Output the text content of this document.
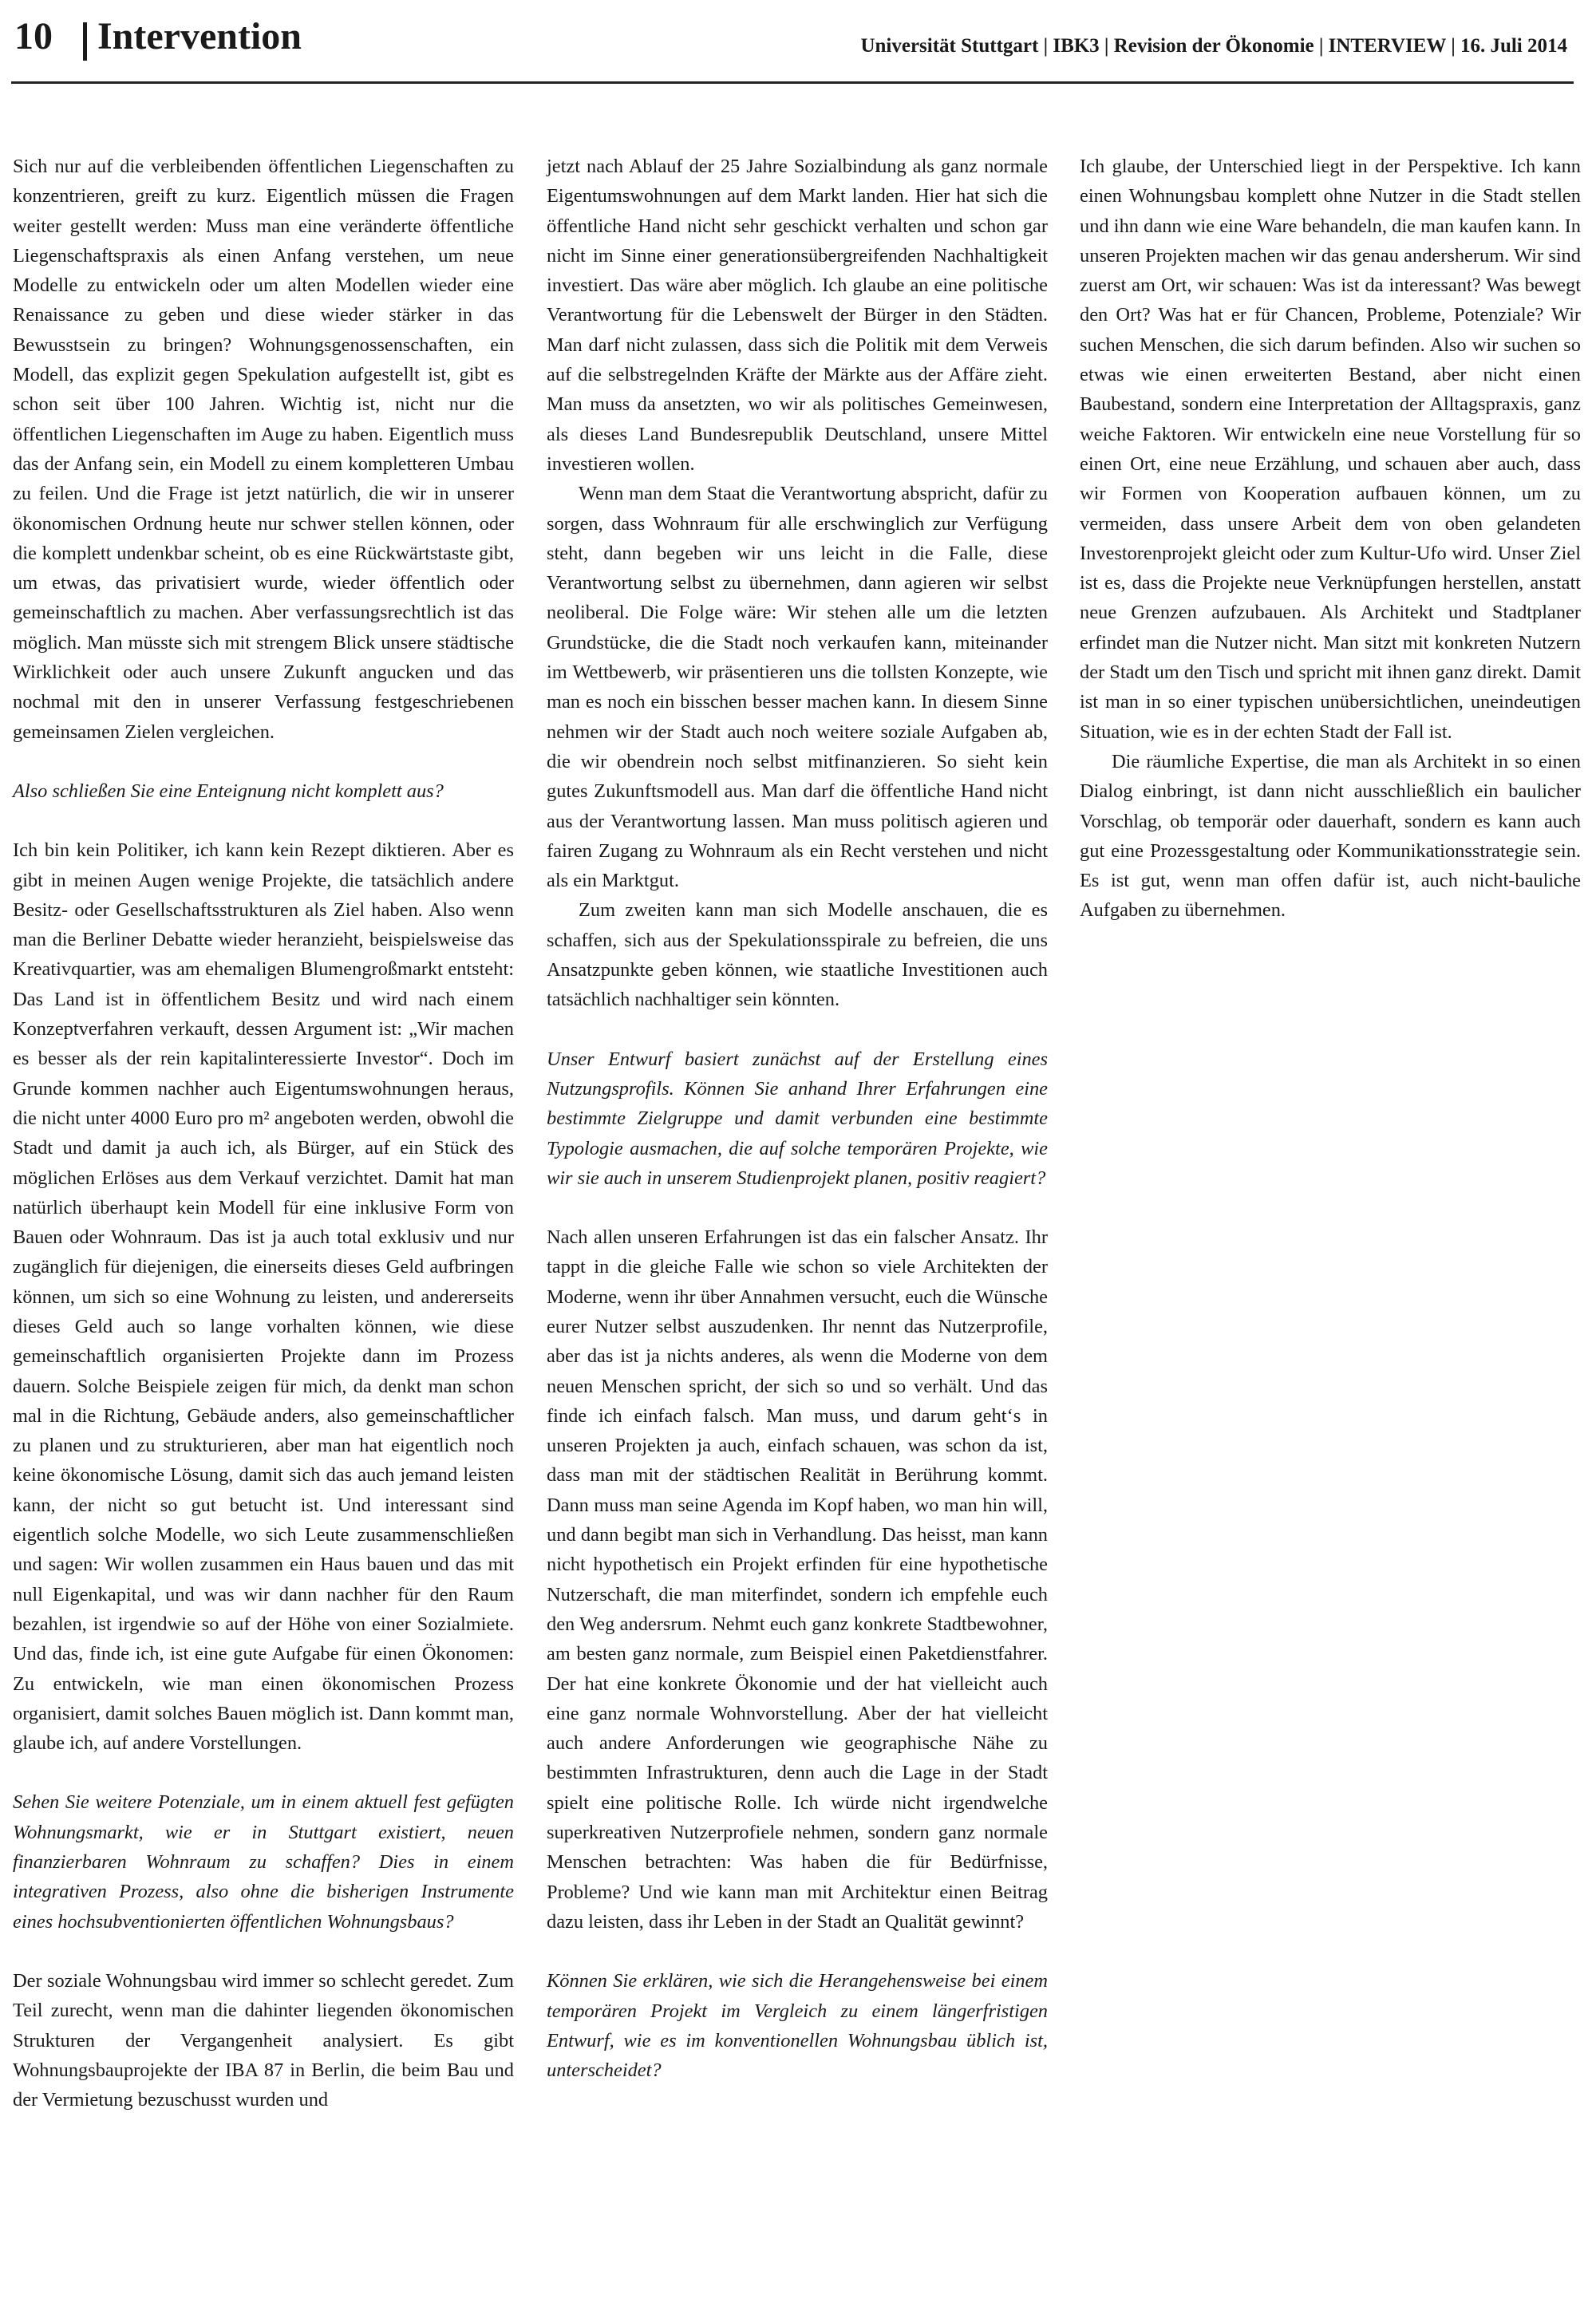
10 Intervention	Universität Stuttgart | IBK3 | Revision der Ökonomie | INTERVIEW | 16. Juli 2014

Sich nur auf die verbleibenden öffentlichen Liegenschaften zu konzentrieren, greift zu kurz. Eigentlich müssen die Fragen weiter gestellt werden: Muss man eine veränderte öffentliche Liegenschaftspraxis als einen Anfang verstehen, um neue Modelle zu entwickeln oder um alten Modellen wieder eine Renaissance zu geben und diese wieder stärker in das Bewusstsein zu bringen? Wohnungsgenossenschaften, ein Modell, das explizit gegen Spekulation aufgestellt ist, gibt es schon seit über 100 Jahren. Wichtig ist, nicht nur die öffentlichen Liegenschaften im Auge zu haben. Eigentlich muss das der Anfang sein, ein Modell zu einem kompletteren Umbau zu feilen. Und die Frage ist jetzt natürlich, die wir in unserer ökonomischen Ordnung heute nur schwer stellen können, oder die komplett undenkbar scheint, ob es eine Rückwärtstaste gibt, um etwas, das privatisiert wurde, wieder öffentlich oder gemeinschaftlich zu machen. Aber verfassungsrechtlich ist das möglich. Man müsste sich mit strengem Blick unsere städtische Wirklichkeit oder auch unsere Zukunft angucken und das nochmal mit den in unserer Verfassung festgeschriebenen gemeinsamen Zielen vergleichen.

Also schließen Sie eine Enteignung nicht komplett aus?

Ich bin kein Politiker, ich kann kein Rezept diktieren. Aber es gibt in meinen Augen wenige Projekte, die tatsächlich andere Besitz- oder Gesellschaftsstrukturen als Ziel haben. Also wenn man die Berliner Debatte wieder heranzieht, beispielsweise das Kreativquartier, was am ehemaligen Blumengroßmarkt entsteht: Das Land ist in öffentlichem Besitz und wird nach einem Konzeptverfahren verkauft, dessen Argument ist: „Wir machen es besser als der rein kapitalinteressierte Investor“. Doch im Grunde kommen nachher auch Eigentumswohnungen heraus, die nicht unter 4000 Euro pro m² angeboten werden, obwohl die Stadt und damit ja auch ich, als Bürger, auf ein Stück des möglichen Erlöses aus dem Verkauf verzichtet. Damit hat man natürlich überhaupt kein Modell für eine inklusive Form von Bauen oder Wohnraum. Das ist ja auch total exklusiv und nur zugänglich für diejenigen, die einerseits dieses Geld aufbringen können, um sich so eine Wohnung zu leisten, und andererseits dieses Geld auch so lange vorhalten können, wie diese gemeinschaftlich organisierten Projekte dann im Prozess dauern. Solche Beispiele zeigen für mich, da denkt man schon mal in die Richtung, Gebäude anders, also gemeinschaftlicher zu planen und zu strukturieren, aber man hat eigentlich noch keine ökonomische Lösung, damit sich das auch jemand leisten kann, der nicht so gut betucht ist. Und interessant sind eigentlich solche Modelle, wo sich Leute zusammenschließen und sagen: Wir wollen zusammen ein Haus bauen und das mit null Eigenkapital, und was wir dann nachher für den Raum bezahlen, ist irgendwie so auf der Höhe von einer Sozialmiete. Und das, finde ich, ist eine gute Aufgabe für einen Ökonomen: Zu entwickeln, wie man einen ökonomischen Prozess organisiert, damit solches Bauen möglich ist. Dann kommt man, glaube ich, auf andere Vorstellungen.

Sehen Sie weitere Potenziale, um in einem aktuell fest gefügten Wohnungsmarkt, wie er in Stuttgart existiert, neuen finanzierbaren Wohnraum zu schaffen? Dies in einem integrativen Prozess, also ohne die bisherigen Instrumente eines hochsubventionierten öffentlichen Wohnungsbaus?

Der soziale Wohnungsbau wird immer so schlecht geredet. Zum Teil zurecht, wenn man die dahinter liegenden ökonomischen Strukturen der Vergangenheit analysiert. Es gibt Wohnungsbauprojekte der IBA 87 in Berlin, die beim Bau und der Vermietung bezuschusst wurden und

jetzt nach Ablauf der 25 Jahre Sozialbindung als ganz normale Eigentumswohnungen auf dem Markt landen. Hier hat sich die öffentliche Hand nicht sehr geschickt verhalten und schon gar nicht im Sinne einer generationsübergreifenden Nachhaltigkeit investiert. Das wäre aber möglich. Ich glaube an eine politische Verantwortung für die Lebenswelt der Bürger in den Städten. Man darf nicht zulassen, dass sich die Politik mit dem Verweis auf die selbstregelnden Kräfte der Märkte aus der Affäre zieht. Man muss da ansetzten, wo wir als politisches Gemeinwesen, als dieses Land Bundesrepublik Deutschland, unsere Mittel investieren wollen.

Wenn man dem Staat die Verantwortung abspricht, dafür zu sorgen, dass Wohnraum für alle erschwinglich zur Verfügung steht, dann begeben wir uns leicht in die Falle, diese Verantwortung selbst zu übernehmen, dann agieren wir selbst neoliberal. Die Folge wäre: Wir stehen alle um die letzten Grundstücke, die die Stadt noch verkaufen kann, miteinander im Wettbewerb, wir präsentieren uns die tollsten Konzepte, wie man es noch ein bisschen besser machen kann. In diesem Sinne nehmen wir der Stadt auch noch weitere soziale Aufgaben ab, die wir obendrein noch selbst mitfinanzieren. So sieht kein gutes Zukunftsmodell aus. Man darf die öffentliche Hand nicht aus der Verantwortung lassen. Man muss politisch agieren und fairen Zugang zu Wohnraum als ein Recht verstehen und nicht als ein Marktgut.

Zum zweiten kann man sich Modelle anschauen, die es schaffen, sich aus der Spekulationsspirale zu befreien, die uns Ansatzpunkte geben können, wie staatliche Investitionen auch tatsächlich nachhaltiger sein könnten.

Unser Entwurf basiert zunächst auf der Erstellung eines Nutzungsprofils. Können Sie anhand Ihrer Erfahrungen eine bestimmte Zielgruppe und damit verbunden eine bestimmte Typologie ausmachen, die auf solche temporären Projekte, wie wir sie auch in unserem Studienprojekt planen, positiv reagiert?

Nach allen unseren Erfahrungen ist das ein falscher Ansatz. Ihr tappt in die gleiche Falle wie schon so viele Architekten der Moderne, wenn ihr über Annahmen versucht, euch die Wünsche eurer Nutzer selbst auszudenken. Ihr nennt das Nutzerprofile, aber das ist ja nichts anderes, als wenn die Moderne von dem neuen Menschen spricht, der sich so und so verhält. Und das finde ich einfach falsch. Man muss, und darum geht‘s in unseren Projekten ja auch, einfach schauen, was schon da ist, dass man mit der städtischen Realität in Berührung kommt. Dann muss man seine Agenda im Kopf haben, wo man hin will, und dann begibt man sich in Verhandlung. Das heisst, man kann nicht hypothetisch ein Projekt erfinden für eine hypothetische Nutzerschaft, die man miterfindet, sondern ich empfehle euch den Weg andersrum. Nehmt euch ganz konkrete Stadtbewohner, am besten ganz normale, zum Beispiel einen Paketdienstfahrer. Der hat eine konkrete Ökonomie und der hat vielleicht auch eine ganz normale Wohnvorstellung. Aber der hat vielleicht auch andere Anforderungen wie geographische Nähe zu bestimmten Infrastrukturen, denn auch die Lage in der Stadt spielt eine politische Rolle. Ich würde nicht irgendwelche superkreativen Nutzerprofiele nehmen, sondern ganz normale Menschen betrachten: Was haben die für Bedürfnisse, Probleme? Und wie kann man mit Architektur einen Beitrag dazu leisten, dass ihr Leben in der Stadt an Qualität gewinnt?

Können Sie erklären, wie sich die Herangehensweise bei einem temporären Projekt im Vergleich zu einem längerfristigen Entwurf, wie es im konventionellen Wohnungsbau üblich ist, unterscheidet?

Ich glaube, der Unterschied liegt in der Perspektive. Ich kann einen Wohnungsbau komplett ohne Nutzer in die Stadt stellen und ihn dann wie eine Ware behandeln, die man kaufen kann. In unseren Projekten machen wir das genau andersherum. Wir sind zuerst am Ort, wir schauen: Was ist da interessant? Was bewegt den Ort? Was hat er für Chancen, Probleme, Potenziale? Wir suchen Menschen, die sich darum befinden. Also wir suchen so etwas wie einen erweiterten Bestand, aber nicht einen Baubestand, sondern eine Interpretation der Alltagspraxis, ganz weiche Faktoren. Wir entwickeln eine neue Vorstellung für so einen Ort, eine neue Erzählung, und schauen aber auch, dass wir Formen von Kooperation aufbauen können, um zu vermeiden, dass unsere Arbeit dem von oben gelandeten Investorenprojekt gleicht oder zum Kultur-Ufo wird. Unser Ziel ist es, dass die Projekte neue Verknüpfungen herstellen, anstatt neue Grenzen aufzubauen. Als Architekt und Stadtplaner erfindet man die Nutzer nicht. Man sitzt mit konkreten Nutzern der Stadt um den Tisch und spricht mit ihnen ganz direkt. Damit ist man in so einer typischen unübersichtlichen, uneindeutigen Situation, wie es in der echten Stadt der Fall ist.

Die räumliche Expertise, die man als Architekt in so einen Dialog einbringt, ist dann nicht ausschließlich ein baulicher Vorschlag, ob temporär oder dauerhaft, sondern es kann auch gut eine Prozessgestaltung oder Kommunikationsstrategie sein. Es ist gut, wenn man offen dafür ist, auch nicht-bauliche Aufgaben zu übernehmen.
